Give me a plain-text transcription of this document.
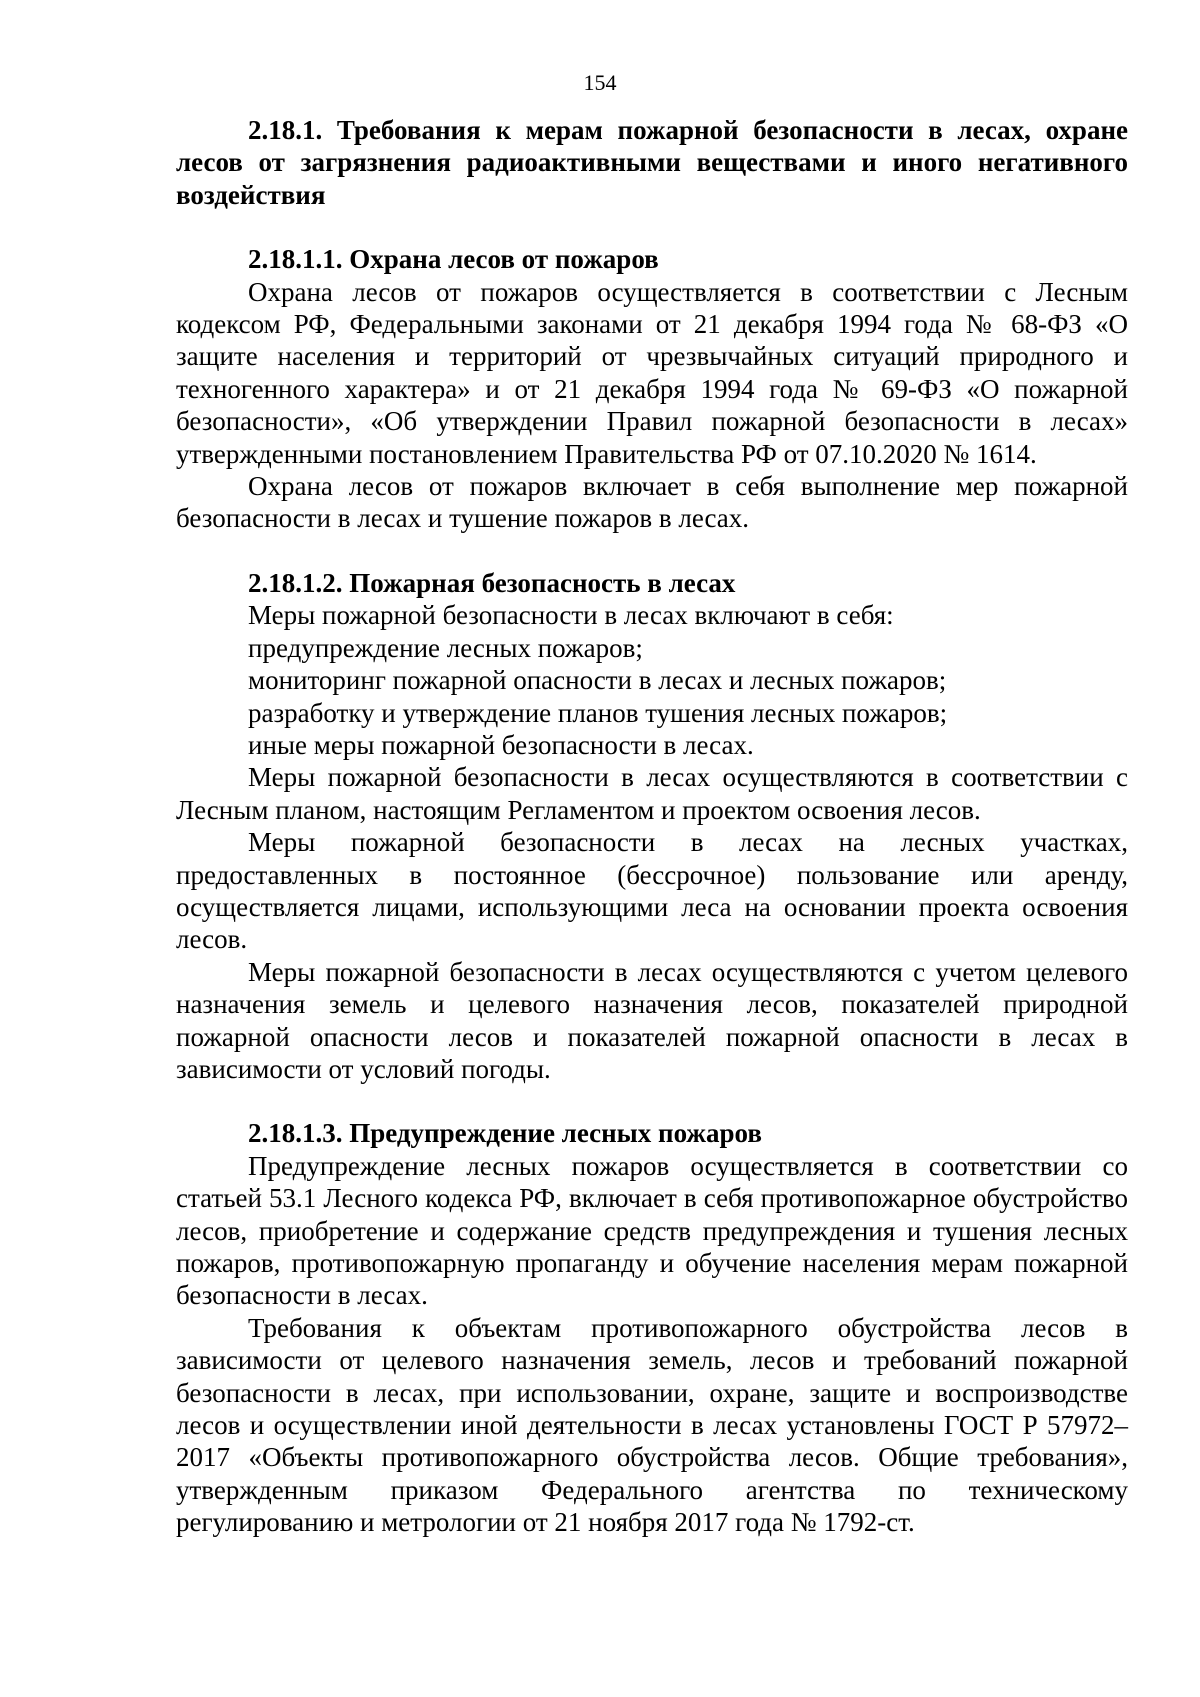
154

2.18.1. Требования к мерам пожарной безопасности в лесах, охране лесов от загрязнения радиоактивными веществами и иного негативного воздействия

2.18.1.1. Охрана лесов от пожаров

Охрана лесов от пожаров осуществляется в соответствии с Лесным кодексом РФ, Федеральными законами от 21 декабря 1994 года № 68-ФЗ «О защите населения и территорий от чрезвычайных ситуаций природного и техногенного характера» и от 21 декабря 1994 года № 69-ФЗ «О пожарной безопасности», «Об утверждении Правил пожарной безопасности в лесах» утвержденными постановлением Правительства РФ от 07.10.2020 № 1614.

Охрана лесов от пожаров включает в себя выполнение мер пожарной безопасности в лесах и тушение пожаров в лесах.

2.18.1.2. Пожарная безопасность в лесах

Меры пожарной безопасности в лесах включают в себя:

предупреждение лесных пожаров;

мониторинг пожарной опасности в лесах и лесных пожаров;

разработку и утверждение планов тушения лесных пожаров;

иные меры пожарной безопасности в лесах.

Меры пожарной безопасности в лесах осуществляются в соответствии с Лесным планом, настоящим Регламентом и проектом освоения лесов.

Меры пожарной безопасности в лесах на лесных участках, предоставленных в постоянное (бессрочное) пользование или аренду, осуществляется лицами, использующими леса на основании проекта освоения лесов.

Меры пожарной безопасности в лесах осуществляются с учетом целевого назначения земель и целевого назначения лесов, показателей природной пожарной опасности лесов и показателей пожарной опасности в лесах в зависимости от условий погоды.

2.18.1.3. Предупреждение лесных пожаров

Предупреждение лесных пожаров осуществляется в соответствии со статьей 53.1 Лесного кодекса РФ, включает в себя противопожарное обустройство лесов, приобретение и содержание средств предупреждения и тушения лесных пожаров, противопожарную пропаганду и обучение населения мерам пожарной безопасности в лесах.

Требования к объектам противопожарного обустройства лесов в зависимости от целевого назначения земель, лесов и требований пожарной безопасности в лесах, при использовании, охране, защите и воспроизводстве лесов и осуществлении иной деятельности в лесах установлены ГОСТ Р 57972–2017 «Объекты противопожарного обустройства лесов. Общие требования», утвержденным приказом Федерального агентства по техническому регулированию и метрологии от 21 ноября 2017 года № 1792-ст.
